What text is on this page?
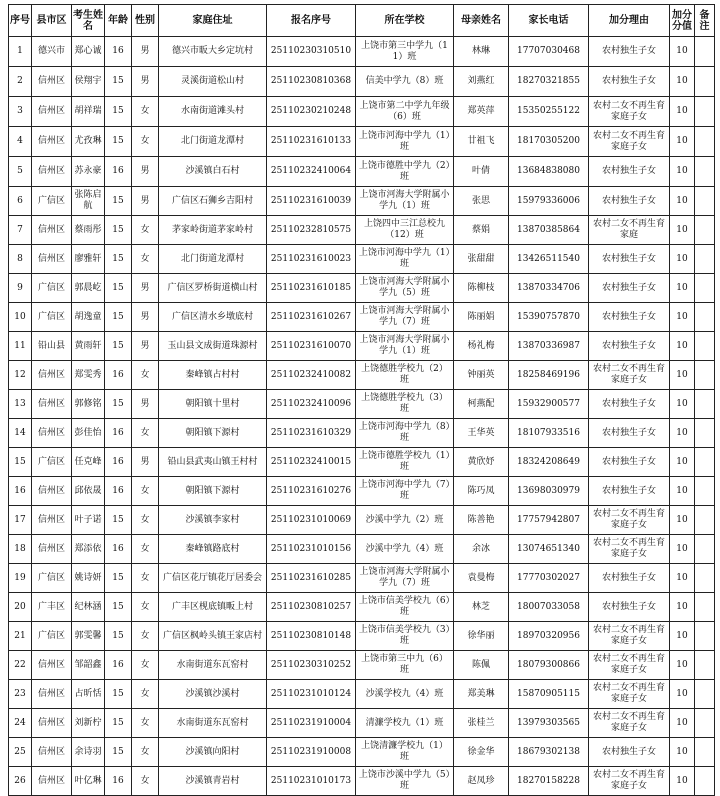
序号	县市区	考生姓名	年龄	性别	家庭住址	报名序号	所在学校	母亲姓名	家长电话	加分理由	加分分值	备注
1	德兴市	郑心诚	16	男	德兴市昄大乡定坑村	25110230310510	上饶市第三中学九（11）班	林琳	17707030468	农村独生子女	10	
2	信州区	侯翔宇	15	男	灵溪街道松山村	25110230810368	信美中学九（8）班	刘燕红	18270321855	农村独生子女	10	
3	信州区	胡祥瑞	15	女	水南街道滩头村	25110230210248	上饶市第二中学九年级（6）班	郑英萍	15350255122	农村二女不再生育家庭子女	10	
4	信州区	尤孜琳	15	女	北门街道龙潭村	25110231610133	上饶市河海中学九（1）班	廿祖飞	18170305200	农村二女不再生育家庭子女	10	
5	信州区	苏永豪	16	男	沙溪镇白石村	25110232410064	上饶市德胜中学九（2）班	叶倩	13684838080	农村独生子女	10	
6	广信区	张陈启航	15	男	广信区石狮乡吉阳村	25110231610039	上饶市河海大学附属小学九（1）班	张思	15979336006	农村独生子女	10	
7	信州区	蔡雨彤	15	女	茅家岭街道茅家岭村	25110232810575	上饶四中三江总校九（12）班	蔡娟	13870385864	农村二女不再生育家庭	10	
8	信州区	廖雅轩	15	女	北门街道龙潭村	25110231610023	上饶市河海中学九（1）班	张甜甜	13426511540	农村独生子女	10	
9	广信区	郭晨屹	15	男	广信区罗桥街道横山村	25110231610185	上饶市河海大学附属小学九（5）班	陈柳枝	13870334706	农村独生子女	10	
10	广信区	胡逸童	15	男	广信区清水乡墩底村	25110231610267	上饶市河海大学附属小学九（7）班	陈丽娟	15390757870	农村独生子女	10	
11	铅山县	黄雨轩	15	男	玉山县文成街道珠源村	25110231610070	上饶市河海大学附属小学九（1）班	杨礼梅	13870336987	农村独生子女	10	
12	信州区	郑雯秀	16	女	秦峰镇占村村	25110232410082	上饶德胜学校九（2）班	钟丽英	18258469196	农村二女不再生育家庭子女	10	
13	信州区	郭修铭	15	男	朝阳镇十里村	25110232410096	上饶德胜学校九（3）班	柯燕配	15932900577	农村独生子女	10	
14	信州区	彭佳怡	16	女	朝阳镇下源村	25110231610329	上饶市河海中学九（8）班	王华英	18107933516	农村独生子女	10	
15	广信区	任克峰	16	男	铅山县武夷山镇王村村	25110232410015	上饶市德胜学校九（1）班	黄欣妤	18324208649	农村独生子女	10	
16	信州区	邱依晟	16	女	朝阳镇下源村	25110231610276	上饶市河海中学九（7）班	陈巧凤	13698030979	农村独生子女	10	
17	信州区	叶子诺	15	女	沙溪镇李家村	25110231010069	沙溪中学九（2）班	陈善艳	17757942807	农村二女不再生育家庭子女	10	
18	信州区	郑添依	16	女	秦峰镇路底村	25110231010156	沙溪中学九（4）班	余冰	13074651340	农村二女不再生育家庭子女	10	
19	广信区	姚诗妍	15	女	广信区花厅镇花厅居委会	25110231610285	上饶市河海大学附属小学九（7）班	袁曼梅	17770302027	农村独生子女	10	
20	广丰区	纪林涵	15	女	广丰区枧底镇畈上村	25110230810257	上饶市信美学校九（6）班	林芝	18007033058	农村独生子女	10	
21	广信区	郭雯馨	15	女	广信区枫岭头镇王家店村	25110230810148	上饶市信美学校九（3）班	徐华丽	18970320956	农村二女不再生育家庭子女	10	
22	信州区	邹韶鑫	16	女	水南街道东瓦窑村	25110230310252	上饶市第三中九（6）班	陈佩	18079300866	农村二女不再生育家庭子女	10	
23	信州区	占昕恬	15	女	沙溪镇沙溪村	25110231010124	沙溪学校九（4）班	郑美琳	15870905115	农村二女不再生育家庭子女	10	
24	信州区	刘新柠	15	女	水南街道东瓦窑村	25110231910004	清濂学校九（1）班	张桂兰	13979303565	农村二女不再生育家庭子女	10	
25	信州区	余诗羽	15	女	沙溪镇向阳村	25110231910008	上饶清濂学校九（1）班	徐金华	18679302138	农村独生子女	10	
26	信州区	叶亿琳	16	女	沙溪镇青岩村	25110231010173	上饶市沙溪中学九（5）班	赵凤珍	18270158228	农村二女不再生育家庭子女	10	
